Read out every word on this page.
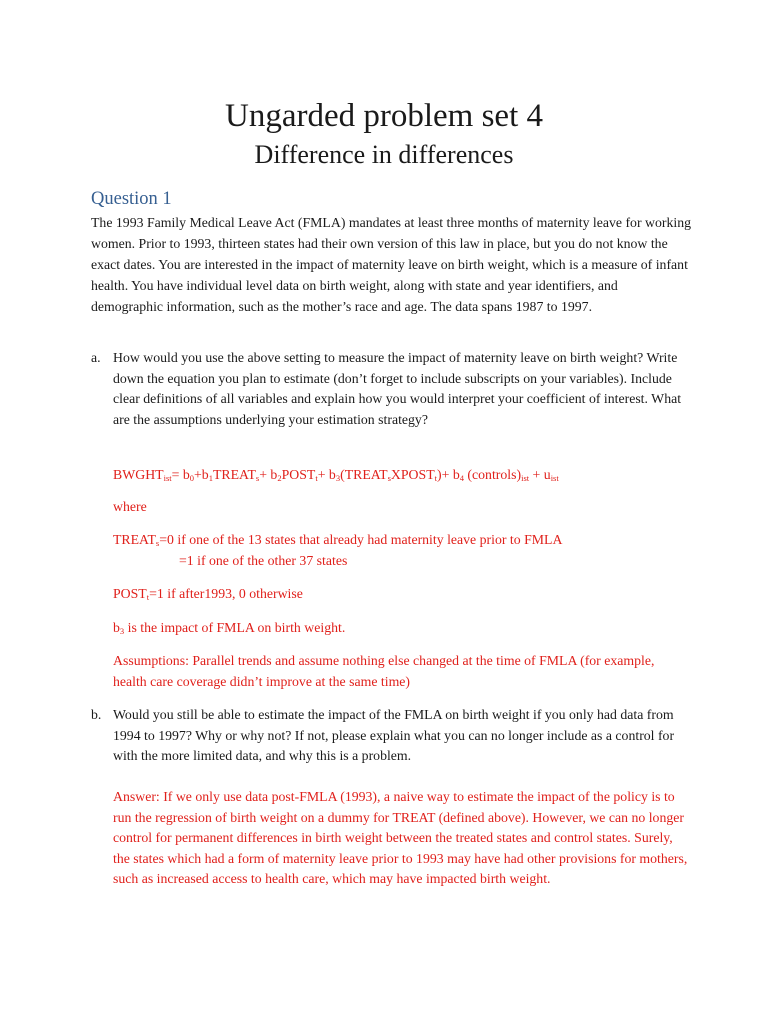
Ungarded problem set 4
Difference in differences
Question 1

The 1993 Family Medical Leave Act (FMLA) mandates at least three months of maternity leave for working women. Prior to 1993, thirteen states had their own version of this law in place, but you do not know the exact dates. You are interested in the impact of maternity leave on birth weight, which is a measure of infant health. You have individual level data on birth weight, along with state and year identifiers, and demographic information, such as the mother’s race and age. The data spans 1987 to 1997.

a. How would you use the above setting to measure the impact of maternity leave on birth weight? Write down the equation you plan to estimate (don’t forget to include subscripts on your variables). Include clear definitions of all variables and explain how you would interpret your coefficient of interest. What are the assumptions underlying your estimation strategy?
$BWGHT_{ist}=$ $b_0+b_1TREAT_s+$ $b_2POST_t+$ $b_3(TREAT_sXPOST_t)+ b_4$ $(controls)_{ist} + u_{ist}$
where
$TREAT_s=0$ if one of the 13 states that already had maternity leave prior to FMLA
=1 if one of the other 37 states
$POST_t=1$ if after1993, 0 otherwise
$b_3$ is the impact of FMLA on birth weight.
Assumptions: Parallel trends and assume nothing else changed at the time of FMLA (for example, health care coverage didn’t improve at the same time)
b. Would you still be able to estimate the impact of the FMLA on birth weight if you only had data from 1994 to 1997? Why or why not? If not, please explain what you can no longer include as a control for with the more limited data, and why this is a problem.
Answer: If we only use data post-FMLA (1993), a naive way to estimate the impact of the policy is to run the regression of birth weight on a dummy for TREAT (defined above). However, we can no longer control for permanent differences in birth weight between the treated states and control states. Surely, the states which had a form of maternity leave prior to 1993 may have had other provisions for mothers, such as increased access to health care, which may have impacted birth weight.
